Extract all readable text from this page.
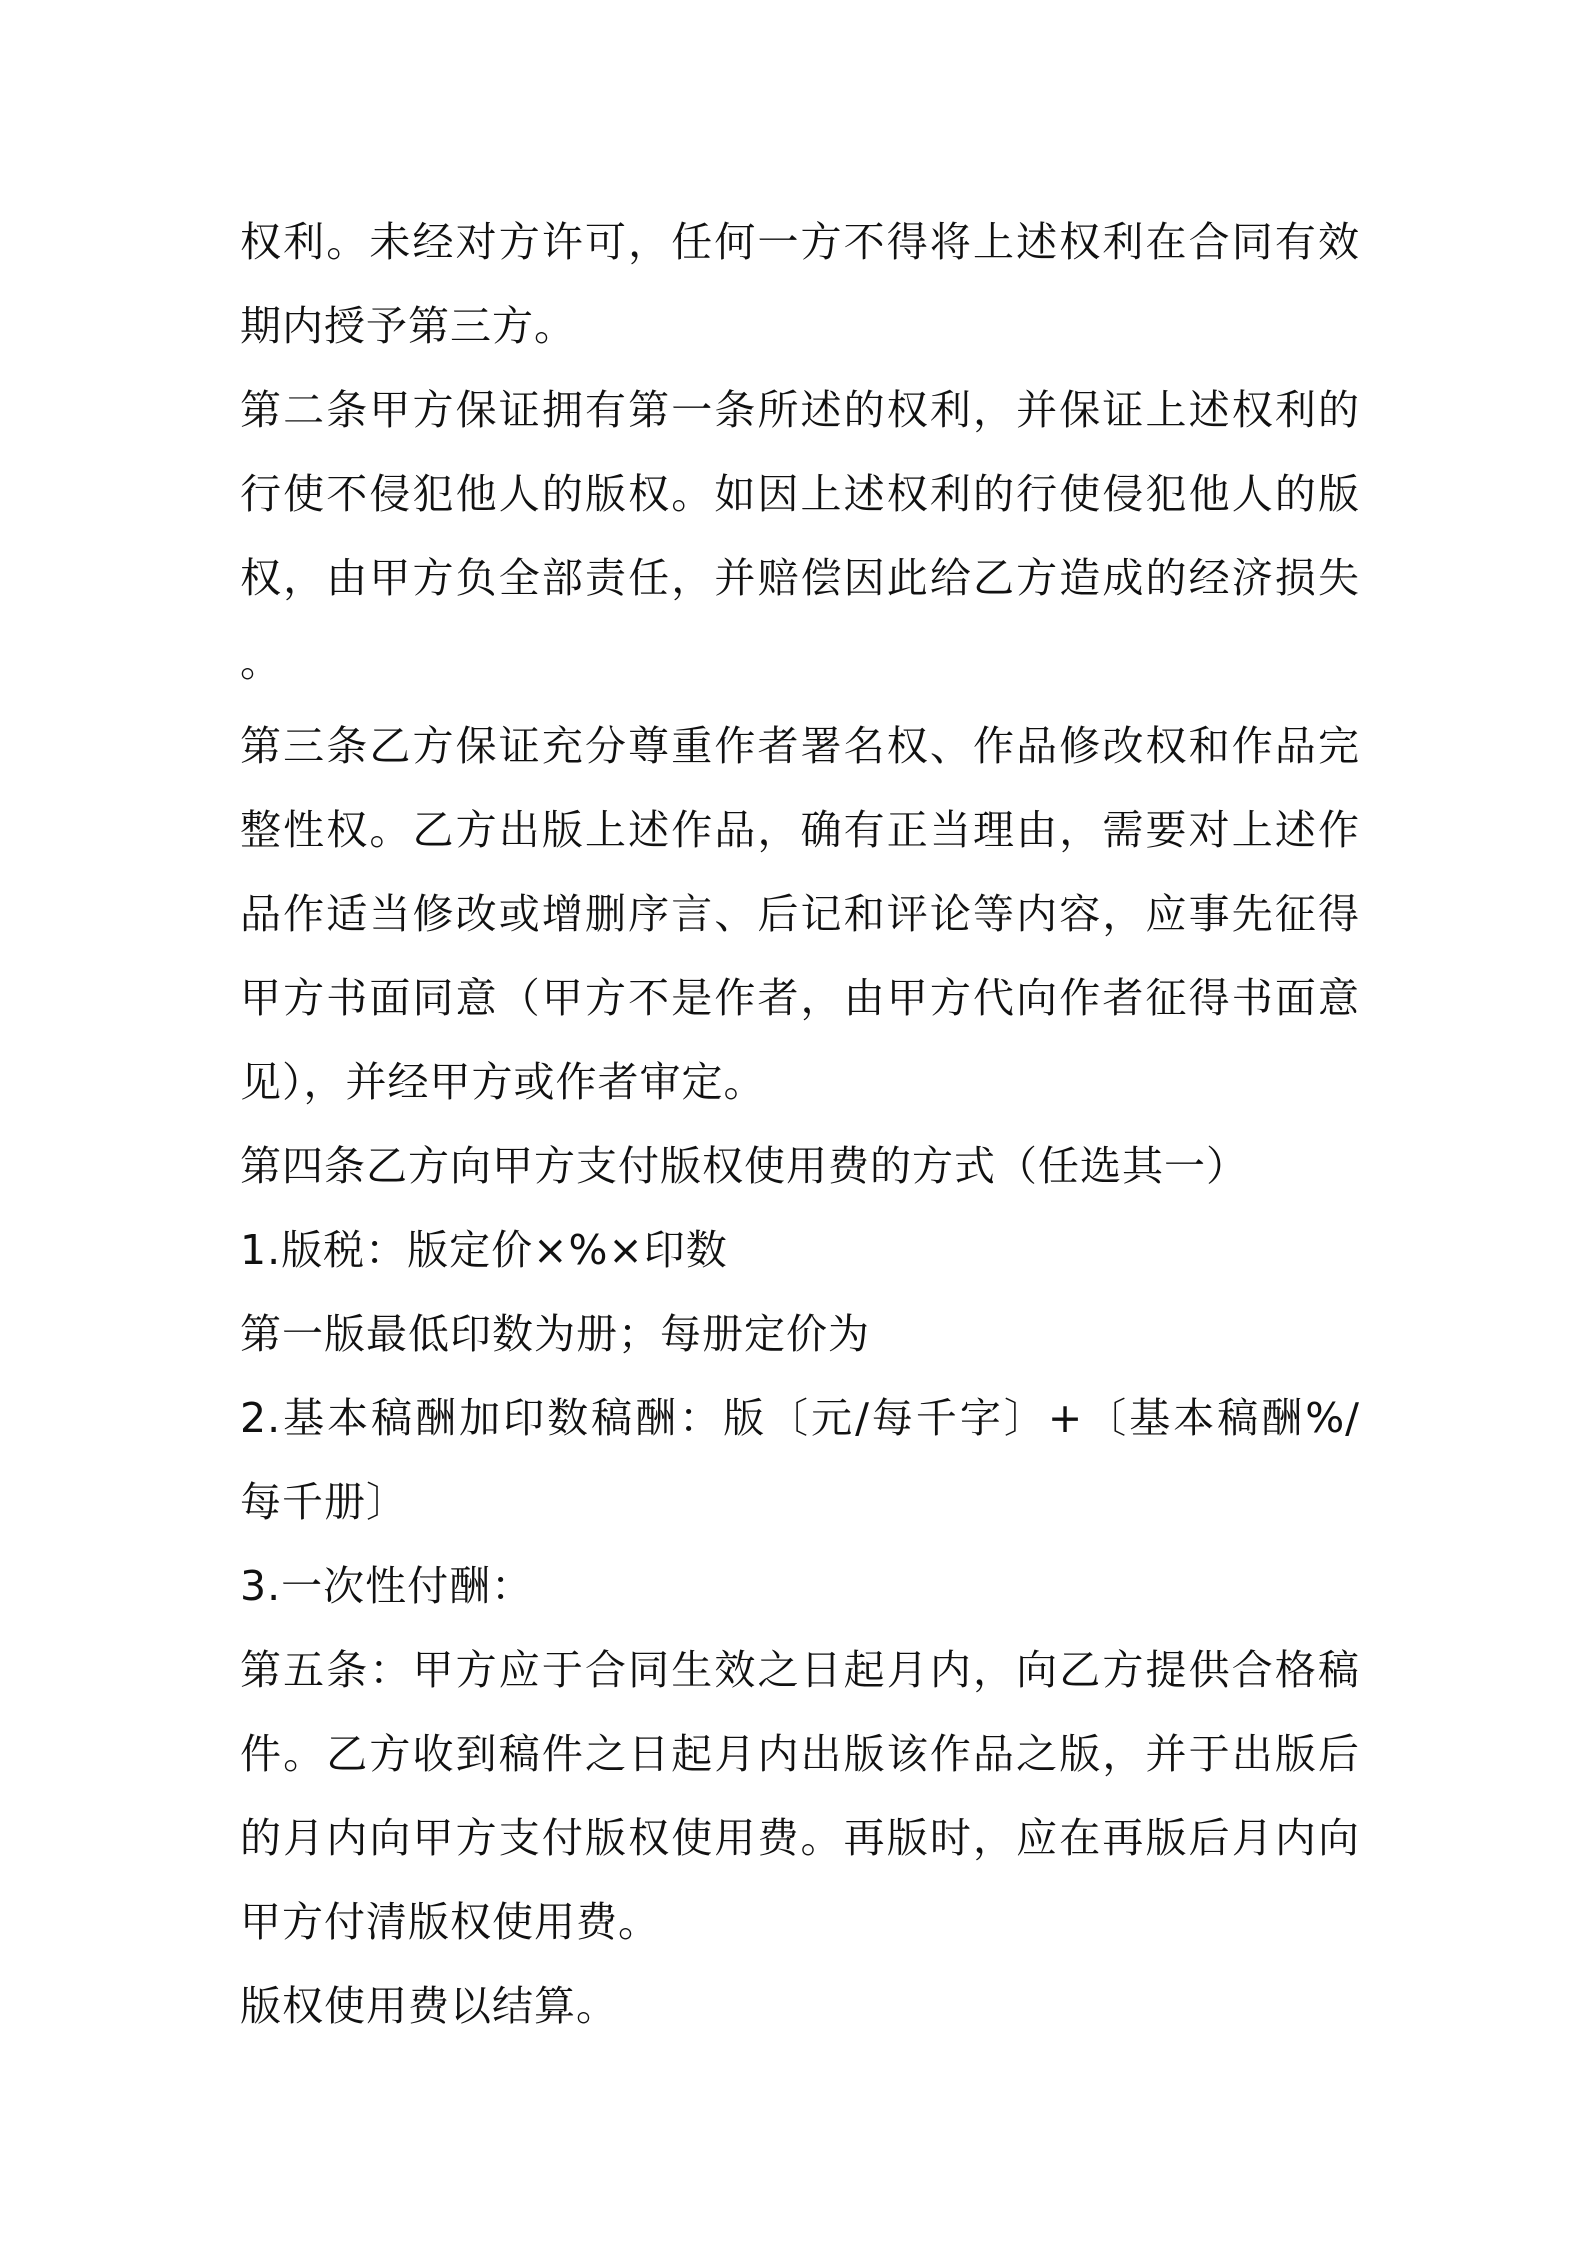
权利。未经对方许可，任何一方不得将上述权利在合同有效
期内授予第三方。
第二条甲方保证拥有第一条所述的权利，并保证上述权利的
行使不侵犯他人的版权。如因上述权利的行使侵犯他人的版
权，由甲方负全部责任，并赔偿因此给乙方造成的经济损失
。
第三条乙方保证充分尊重作者署名权、作品修改权和作品完
整性权。乙方出版上述作品，确有正当理由，需要对上述作
品作适当修改或增删序言、后记和评论等内容，应事先征得
甲方书面同意（甲方不是作者，由甲方代向作者征得书面意
见），并经甲方或作者审定。
第四条乙方向甲方支付版权使用费的方式（任选其一）
1.版税：版定价×%×印数
第一版最低印数为册；每册定价为
2.基本稿酬加印数稿酬：版〔元/每千字〕+〔基本稿酬%/
每千册〕
3.一次性付酬：
第五条：甲方应于合同生效之日起月内，向乙方提供合格稿
件。乙方收到稿件之日起月内出版该作品之版，并于出版后
的月内向甲方支付版权使用费。再版时，应在再版后月内向
甲方付清版权使用费。
版权使用费以结算。
